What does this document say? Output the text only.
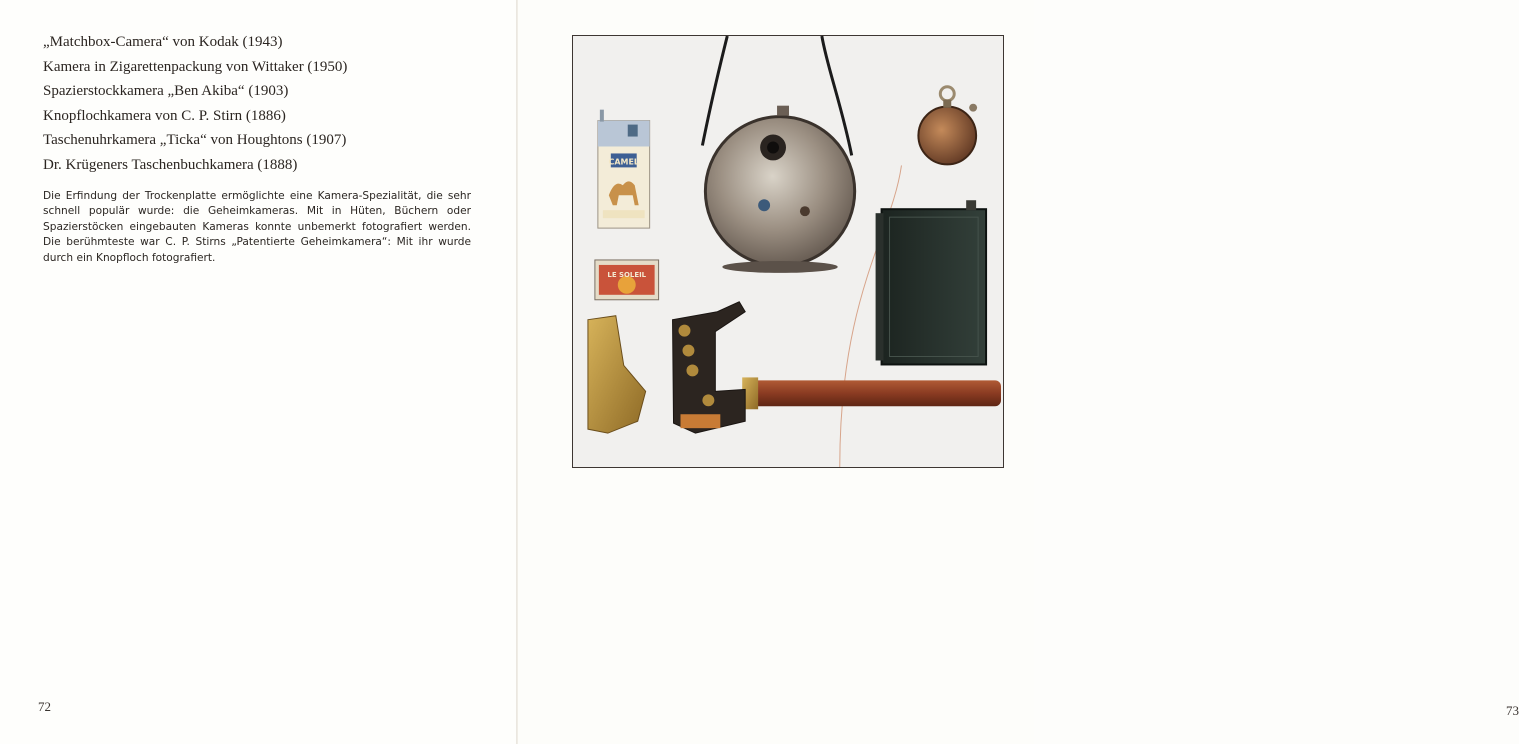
„Matchbox-Camera“ von Kodak (1943)
Kamera in Zigarettenpackung von Wittaker (1950)
Spazierstockkamera „Ben Akiba“ (1903)
Knopflochkamera von C. P. Stirn (1886)
Taschenuhrkamera „Ticka“ von Houghtons (1907)
Dr. Krügeners Taschenbuchkamera (1888)

Die Erfindung der Trockenplatte ermöglichte eine Kamera-Spezialität, die sehr schnell populär wurde: die Geheimkameras. Mit in Hüten, Büchern oder Spazierstöcken eingebauten Kameras konnte unbemerkt fotografiert werden. Die berühmteste war C. P. Stirns „Patentierte Geheimkamera“: Mit ihr wurde durch ein Knopfloch fotografiert.

72	73
CAMEL
LE SOLEIL
